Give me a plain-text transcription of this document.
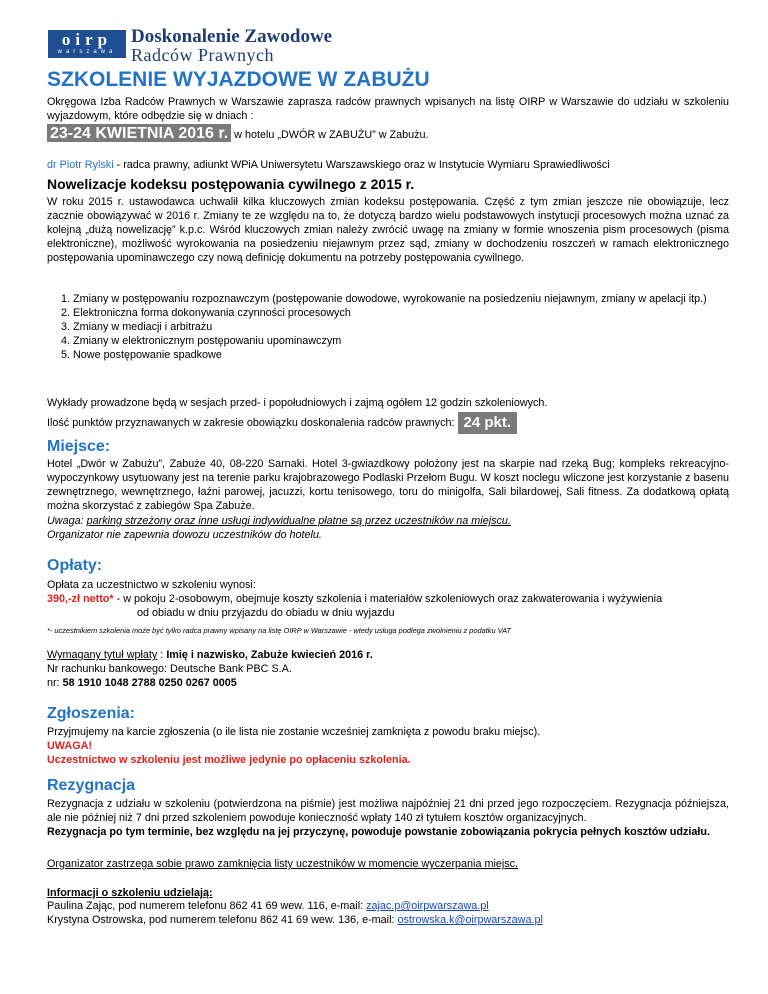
oirp
warszawa
Doskonalenie Zawodowe
Radców Prawnych
SZKOLENIE WYJAZDOWE W ZABUŻU
Okręgowa Izba Radców Prawnych w Warszawie zaprasza radców prawnych wpisanych na listę OIRP w Warszawie do udziału w szkoleniu wyjazdowym, które odbędzie się w dniach :
23-24 KWIETNIA 2016 r. w hotelu „DWÓR w ZABUŻU” w Zabużu.
dr Piotr Rylski - radca prawny, adiunkt WPiA Uniwersytetu Warszawskiego oraz w Instytucie Wymiaru Sprawiedliwości
Nowelizacje kodeksu postępowania cywilnego z 2015 r.
W roku 2015 r. ustawodawca uchwalił kilka kluczowych zmian kodeksu postępowania. Część z tym zmian jeszcze nie obowiązuje, lecz zacznie obowiązywać w 2016 r. Zmiany te ze względu na to, że dotyczą bardzo wielu podstawowych instytucji procesowych można uznać za kolejną „dużą nowelizację” k.p.c. Wśród kluczowych zmian należy zwrócić uwagę na zmiany w formie wnoszenia pism procesowych (pisma elektroniczne), możliwość wyrokowania na posiedzeniu niejawnym przez sąd, zmiany w dochodzeniu roszczeń w ramach elektronicznego postępowania upominawczego czy nową definicję dokumentu na potrzeby postępowania cywilnego.
1. Zmiany w postępowaniu rozpoznawczym (postępowanie dowodowe, wyrokowanie na posiedzeniu niejawnym, zmiany w apelacji itp.)
2. Elektroniczna forma dokonywania czynności procesowych
3. Zmiany w mediacji i arbitrażu
4. Zmiany w elektronicznym postępowaniu upominawczym
5. Nowe postępowanie spadkowe
Wykłady prowadzone będą w sesjach przed- i popołudniowych i zajmą ogółem 12 godzin szkoleniowych.
Ilość punktów przyznawanych w zakresie obowiązku doskonalenia radców prawnych: 24 pkt.
Miejsce:
Hotel „Dwór w Zabużu”, Zabuże 40, 08-220 Sarnaki. Hotel 3-gwiazdkowy położony jest na skarpie nad rzeką Bug; kompleks rekreacyjno-wypoczynkowy usytuowany jest na terenie parku krajobrazowego Podlaski Przełom Bugu. W koszt noclegu wliczone jest korzystanie z basenu zewnętrznego, wewnętrznego, łaźni parowej, jacuzzi, kortu tenisowego, toru do minigolfa, Sali bilardowej, Sali fitness. Za dodatkową opłatą można skorzystać z zabiegów Spa Zabuże.
Uwaga: parking strzeżony oraz inne usługi indywidualne płatne są przez uczestników na miejscu.
Organizator nie zapewnia dowozu uczestników do hotelu.
Opłaty:
Opłata za uczestnictwo w szkoleniu wynosi:
390,-zł netto* - w pokoju 2-osobowym, obejmuje koszty szkolenia i materiałów szkoleniowych oraz zakwaterowania i wyżywienia
od obiadu w dniu przyjazdu do obiadu w dniu wyjazdu
*- uczestnikiem szkolenia może być tylko radca prawny wpisany na listę OIRP w Warszawie - wtedy usługa podlega zwolnieniu z podatku VAT
Wymagany tytuł wpłaty : Imię i nazwisko, Zabuże kwiecień 2016 r.
Nr rachunku bankowego: Deutsche Bank PBC S.A.
nr: 58 1910 1048 2788 0250 0267 0005
Zgłoszenia:
Przyjmujemy na karcie zgłoszenia (o ile lista nie zostanie wcześniej zamknięta z powodu braku miejsc).
UWAGA!
Uczestnictwo w szkoleniu jest możliwe jedynie po opłaceniu szkolenia.
Rezygnacja
Rezygnacja z udziału w szkoleniu (potwierdzona na piśmie) jest możliwa najpóźniej 21 dni przed jego rozpoczęciem. Rezygnacja późniejsza, ale nie później niż 7 dni przed szkoleniem powoduje konieczność wpłaty 140 zł tytułem kosztów organizacyjnych.
Rezygnacja po tym terminie, bez względu na jej przyczynę, powoduje powstanie zobowiązania pokrycia pełnych kosztów udziału.
Organizator zastrzega sobie prawo zamknięcia listy uczestników w momencie wyczerpania miejsc.
Informacji o szkoleniu udzielają:
Paulina Zając, pod numerem telefonu 862 41 69 wew. 116, e-mail: zajac.p@oirpwarszawa.pl
Krystyna Ostrowska, pod numerem telefonu 862 41 69 wew. 136, e-mail: ostrowska.k@oirpwarszawa.pl
